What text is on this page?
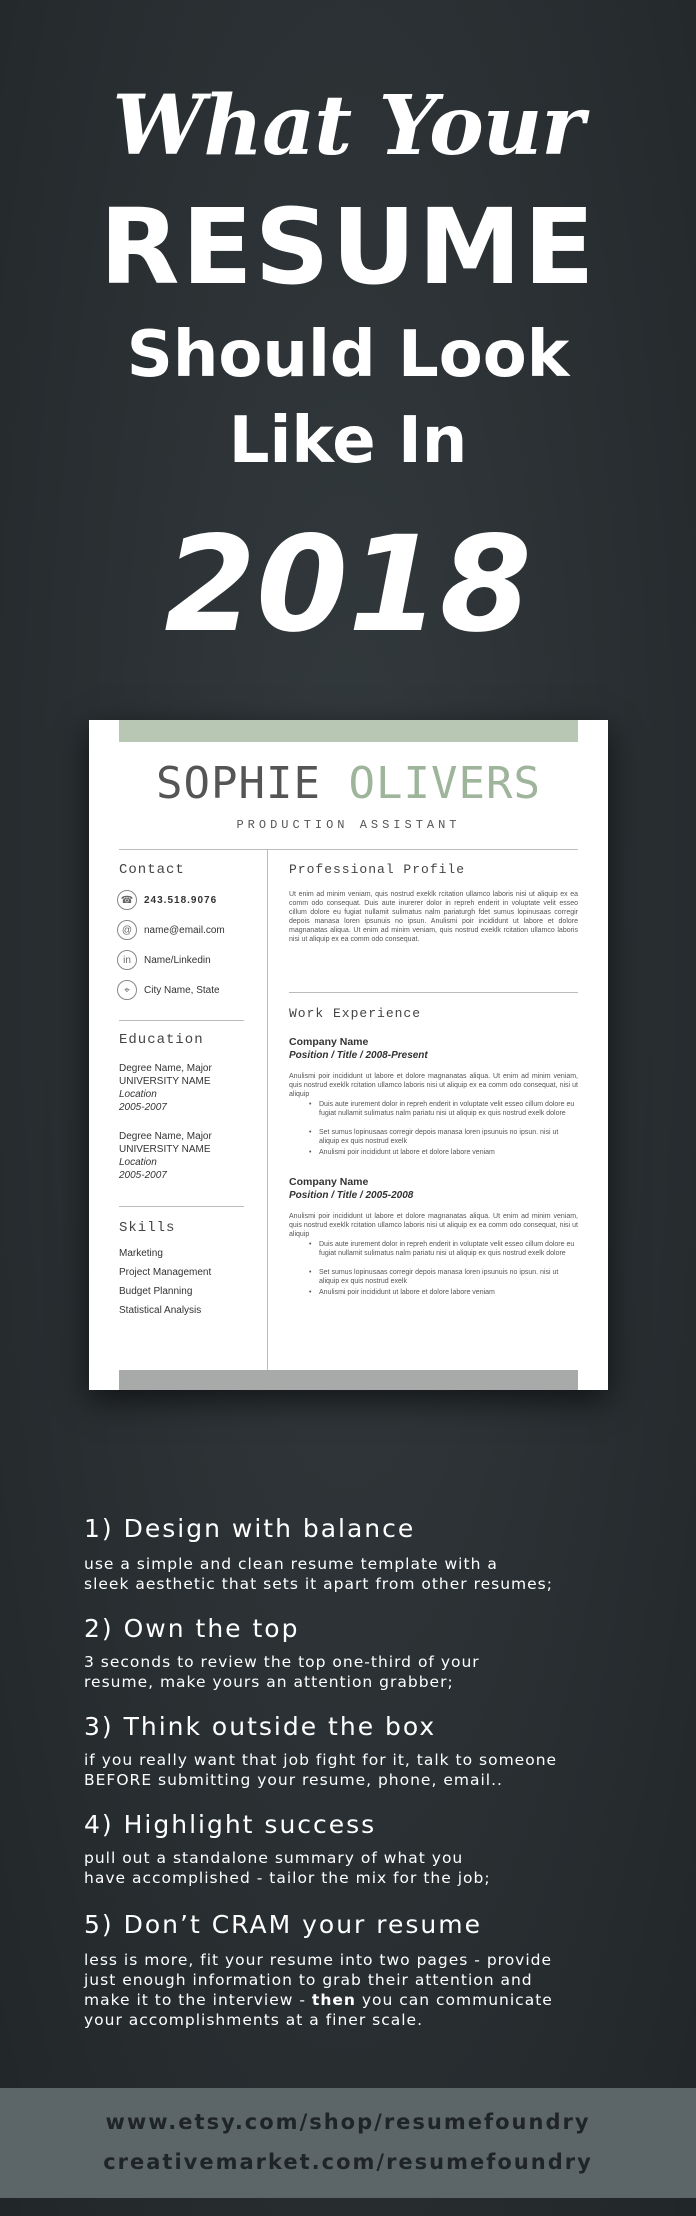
What Your
RESUME
Should Look
Like In
2018
SOPHIE OLIVERS
PRODUCTION ASSISTANT
Contact
☎	243.518.9076
@	name@email.com
in	Name/Linkedin
⌖	City Name, State
Education
Degree Name, Major
UNIVERSITY NAME
Location
2005-2007
Degree Name, Major
UNIVERSITY NAME
Location
2005-2007
Skills
Marketing
Project Management
Budget Planning
Statistical Analysis
Professional Profile
Ut enim ad minim veniam, quis nostrud exeklk rcitation ullamco laboris nisi ut aliquip ex ea comm odo consequat. Duis aute inurerer dolor in repreh enderit in voluptate velit esseo cillum dolore eu fugiat nullamit sulimatus nalm pariaturgh fdet sumus lopinusaas corregir depois manasa loren ipsunuis no ipsun. Anulismi poir incididunt ut labore et dolore magnanatas aliqua. Ut enim ad minim veniam, quis nostrud exeklk rcitation ullamco laboris nisi ut aliquip ex ea comm odo consequat.
Work Experience
Company Name
Position / Title / 2008-Present
Anulismi poir incididunt ut labore et dolore magnanatas aliqua. Ut enim ad minim veniam, quis nostrud exeklk rcitation ullamco laboris nisi ut aliquip ex ea comm odo consequat, nisi ut aliquip
• Duis aute irurement dolor in repreh enderit in voluptate velit esseo cillum dolore eu fugiat nullamit sulimatus nalm pariatu nisi ut aliquip ex quis nostrud exelk dolore
• Set sumus lopinusaas corregir depois manasa loren ipsunuis no ipsun. nisi ut aliquip ex quis nostrud exelk
• Anulismi poir incididunt ut labore et dolore labore veniam
Company Name
Position / Title / 2005-2008
Anulismi poir incididunt ut labore et dolore magnanatas aliqua. Ut enim ad minim veniam, quis nostrud exeklk rcitation ullamco laboris nisi ut aliquip ex ea comm odo consequat, nisi ut aliquip
• Duis aute irurement dolor in repreh enderit in voluptate velit esseo cillum dolore eu fugiat nullamit sulimatus nalm pariatu nisi ut aliquip ex quis nostrud exelk dolore
• Set sumus lopinusaas corregir depois manasa loren ipsunuis no ipsun. nisi ut aliquip ex quis nostrud exelk
• Anulismi poir incididunt ut labore et dolore labore veniam
1) Design with balance
use a simple and clean resume template with a
sleek aesthetic that sets it apart from other resumes;
2) Own the top
3 seconds to review the top one-third of your
resume, make yours an attention grabber;
3) Think outside the box
if you really want that job fight for it, talk to someone
BEFORE submitting your resume, phone, email..
4) Highlight success
pull out a standalone summary of what you
have accomplished - tailor the mix for the job;
5) Don’t CRAM your resume
less is more, fit your resume into two pages - provide
just enough information to grab their attention and
make it to the interview - then you can communicate
your accomplishments at a finer scale.
www.etsy.com/shop/resumefoundry
creativemarket.com/resumefoundry
